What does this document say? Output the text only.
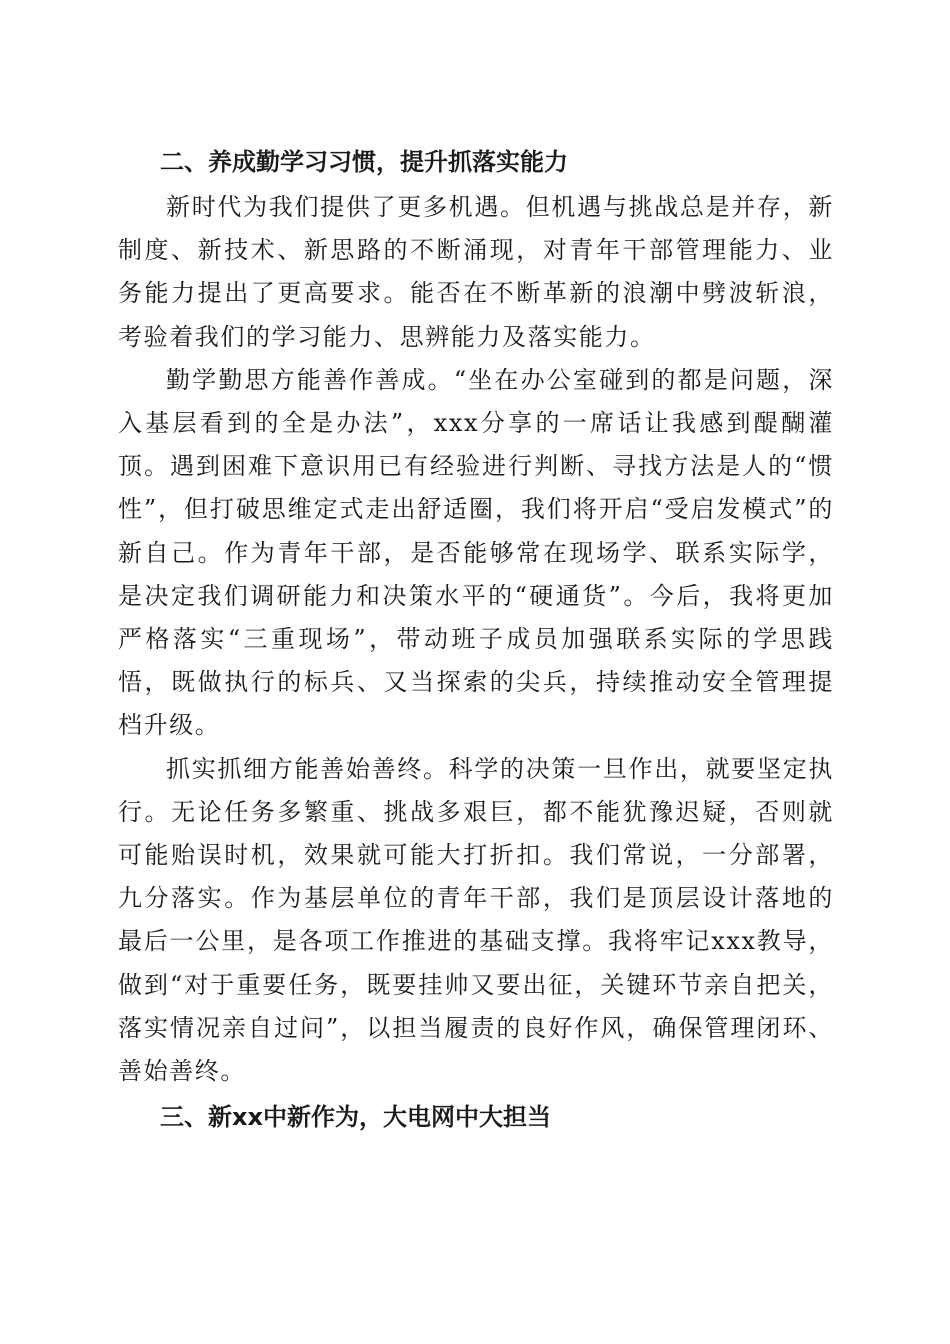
二、养成勤学习习惯，提升抓落实能力

新时代为我们提供了更多机遇。但机遇与挑战总是并存，新制度、新技术、新思路的不断涌现，对青年干部管理能力、业务能力提出了更高要求。能否在不断革新的浪潮中劈波斩浪，考验着我们的学习能力、思辨能力及落实能力。

勤学勤思方能善作善成。“坐在办公室碰到的都是问题，深入基层看到的全是办法”，xxx分享的一席话让我感到醍醐灌顶。遇到困难下意识用已有经验进行判断、寻找方法是人的“惯性”，但打破思维定式走出舒适圈，我们将开启“受启发模式”的新自己。作为青年干部，是否能够常在现场学、联系实际学，是决定我们调研能力和决策水平的“硬通货”。今后，我将更加严格落实“三重现场”，带动班子成员加强联系实际的学思践悟，既做执行的标兵、又当探索的尖兵，持续推动安全管理提档升级。

抓实抓细方能善始善终。科学的决策一旦作出，就要坚定执行。无论任务多繁重、挑战多艰巨，都不能犹豫迟疑，否则就可能贻误时机，效果就可能大打折扣。我们常说，一分部署，九分落实。作为基层单位的青年干部，我们是顶层设计落地的最后一公里，是各项工作推进的基础支撑。我将牢记xxx教导，做到“对于重要任务，既要挂帅又要出征，关键环节亲自把关，落实情况亲自过问”，以担当履责的良好作风，确保管理闭环、善始善终。

三、新xx中新作为，大电网中大担当
